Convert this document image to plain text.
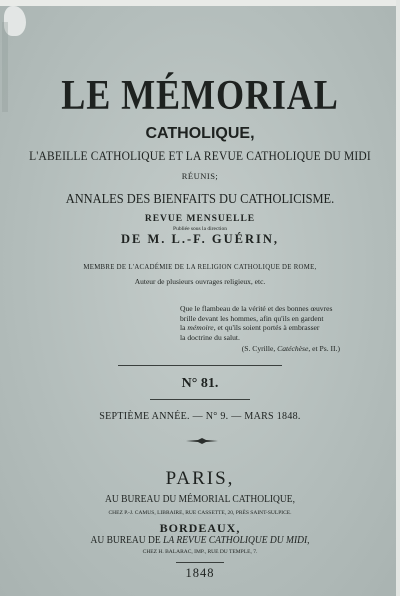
LE MÉMORIAL
CATHOLIQUE,
L'ABEILLE CATHOLIQUE ET LA REVUE CATHOLIQUE DU MIDI
RÉUNIS;
ANNALES DES BIENFAITS DU CATHOLICISME.
REVUE MENSUELLE
Publiée sous la direction
DE M. L.-F. GUÉRIN,
MEMBRE DE L'ACADÉMIE DE LA RELIGION CATHOLIQUE DE ROME,
Auteur de plusieurs ouvrages religieux, etc.
Que le flambeau de la vérité et des bonnes œuvres
brille devant les hommes, afin qu'ils en gardent
la mémoire, et qu'ils soient portés à embrasser
la doctrine du salut.
(S. Cyrille, Catéchèse, et Ps. II.)
N° 81.
SEPTIÈME ANNÉE. — N° 9. — MARS 1848.
PARIS,
AU BUREAU DU MÉMORIAL CATHOLIQUE,
CHEZ P.-J. CAMUS, LIBRAIRE, RUE CASSETTE, 20, PRÈS SAINT-SULPICE.
BORDEAUX,
AU BUREAU DE LA REVUE CATHOLIQUE DU MIDI,
CHEZ H. BALARAC, IMP., RUE DU TEMPLE, 7.
1848
